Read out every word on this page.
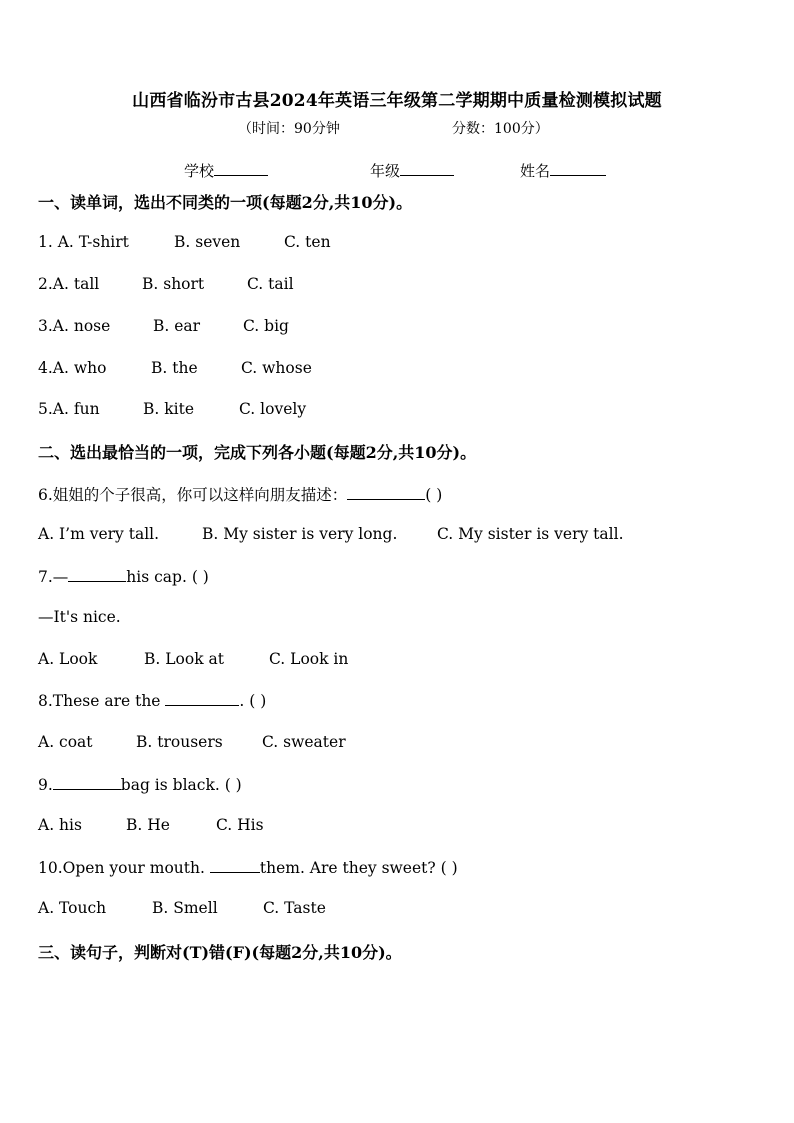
山西省临汾市古县2024年英语三年级第二学期期中质量检测模拟试题
（时间：90分钟	分数：100分）
学校	年级	姓名
一、读单词，选出不同类的一项(每题2分,共10分)。
1. A. T-shirt	B. seven	C. ten
2.A. tall	B. short	C. tail
3.A. nose	B. ear	C. big
4.A. who	B. the	C. whose
5.A. fun	B. kite	C. lovely
二、选出最恰当的一项，完成下列各小题(每题2分,共10分)。
6.姐姐的个子很高，你可以这样向朋友描述：	( )
A. I’m very tall.	B. My sister is very long.	C. My sister is very tall.
7.—	his cap. ( )
—It's nice.
A. Look	B. Look at	C. Look in
8.These are the	. ( )
A. coat	B. trousers	C. sweater
9.	bag is black. ( )
A. his	B. He	C. His
10.Open your mouth.	them. Are they sweet? ( )
A. Touch	B. Smell	C. Taste
三、读句子，判断对(T)错(F)(每题2分,共10分)。
